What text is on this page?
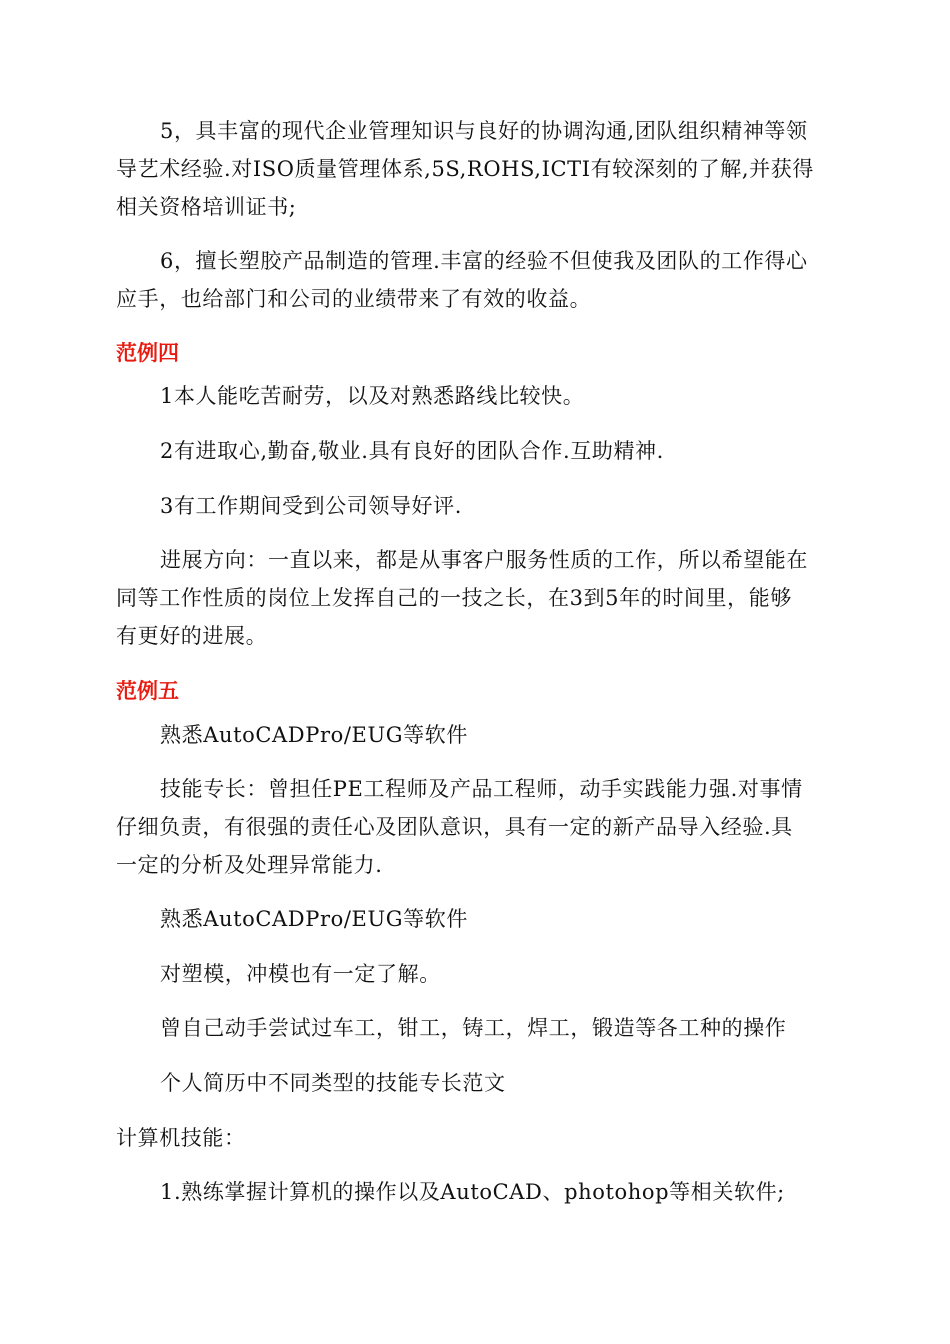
5，具丰富的现代企业管理知识与良好的协调沟通,团队组织精神等领
导艺术经验.对ISO质量管理体系,5S,ROHS,ICTI有较深刻的了解,并获得
相关资格培训证书;
6，擅长塑胶产品制造的管理.丰富的经验不但使我及团队的工作得心
应手，也给部门和公司的业绩带来了有效的收益。
范例四
1本人能吃苦耐劳，以及对熟悉路线比较快。
2有进取心,勤奋,敬业.具有良好的团队合作.互助精神.
3有工作期间受到公司领导好评.
进展方向：一直以来，都是从事客户服务性质的工作，所以希望能在
同等工作性质的岗位上发挥自己的一技之长，在3到5年的时间里，能够
有更好的进展。
范例五
熟悉AutoCADPro/EUG等软件
技能专长：曾担任PE工程师及产品工程师，动手实践能力强.对事情
仔细负责，有很强的责任心及团队意识，具有一定的新产品导入经验.具
一定的分析及处理异常能力.
熟悉AutoCADPro/EUG等软件
对塑模，冲模也有一定了解。
曾自己动手尝试过车工，钳工，铸工，焊工，锻造等各工种的操作
个人简历中不同类型的技能专长范文
计算机技能：
1.熟练掌握计算机的操作以及AutoCAD、photohop等相关软件;
